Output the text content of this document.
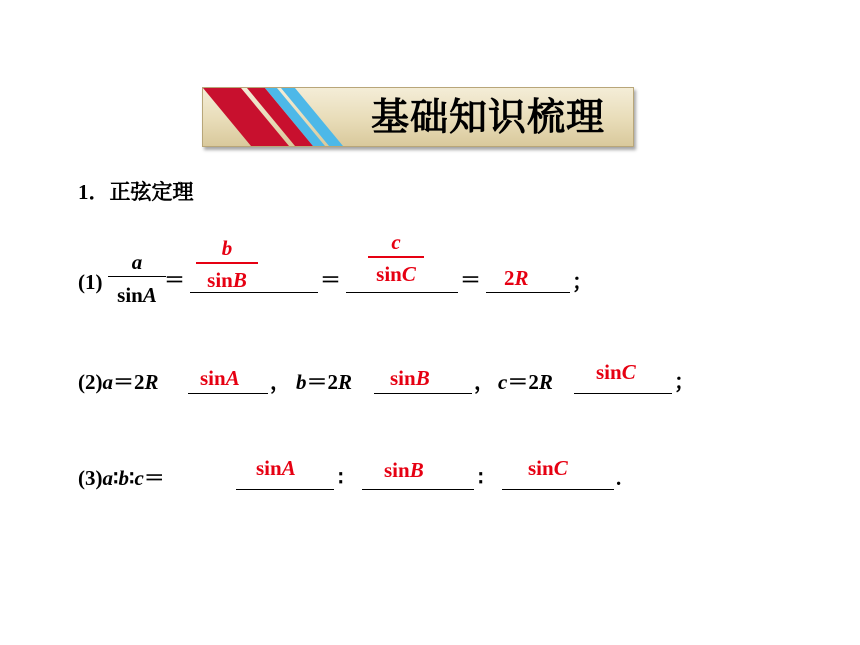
基础知识梳理
1．正弦定理
(1)
a
sinA
＝
b
sinB	＝
c
sinC	＝ 2R ；
(2)a＝2R sinA ， b＝2R sinB ， c＝2R sinC ；
(3)a∶b∶c＝	sinA ∶ sinB	∶ sinC .
